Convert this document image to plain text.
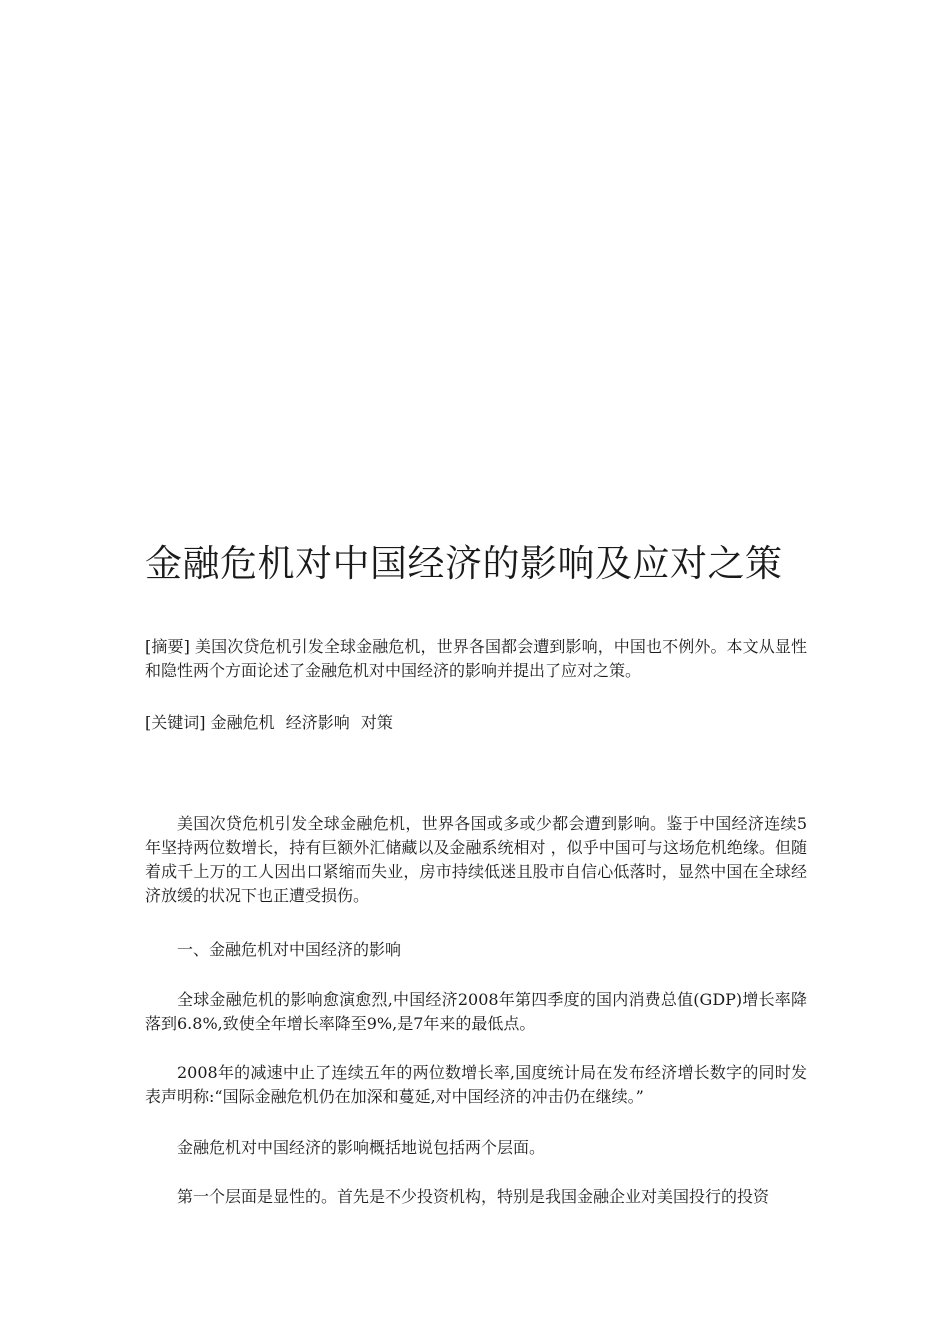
金融危机对中国经济的影响及应对之策

[摘要] 美国次贷危机引发全球金融危机，世界各国都会遭到影响，中国也不例外。本文从显性和隐性两个方面论述了金融危机对中国经济的影响并提出了应对之策。

[关键词] 金融危机 经济影响 对策

美国次贷危机引发全球金融危机，世界各国或多或少都会遭到影响。鉴于中国经济连续5年坚持两位数增长，持有巨额外汇储藏以及金融系统相对 ，似乎中国可与这场危机绝缘。但随着成千上万的工人因出口紧缩而失业，房市持续低迷且股市自信心低落时，显然中国在全球经济放缓的状况下也正遭受损伤。

一、金融危机对中国经济的影响

全球金融危机的影响愈演愈烈,中国经济2008年第四季度的国内消费总值(GDP)增长率降落到6.8%,致使全年增长率降至9%,是7年来的最低点。

2008年的减速中止了连续五年的两位数增长率,国度统计局在发布经济增长数字的同时发表声明称:“国际金融危机仍在加深和蔓延,对中国经济的冲击仍在继续。”

金融危机对中国经济的影响概括地说包括两个层面。

第一个层面是显性的。首先是不少投资机构，特别是我国金融企业对美国投行的投资
